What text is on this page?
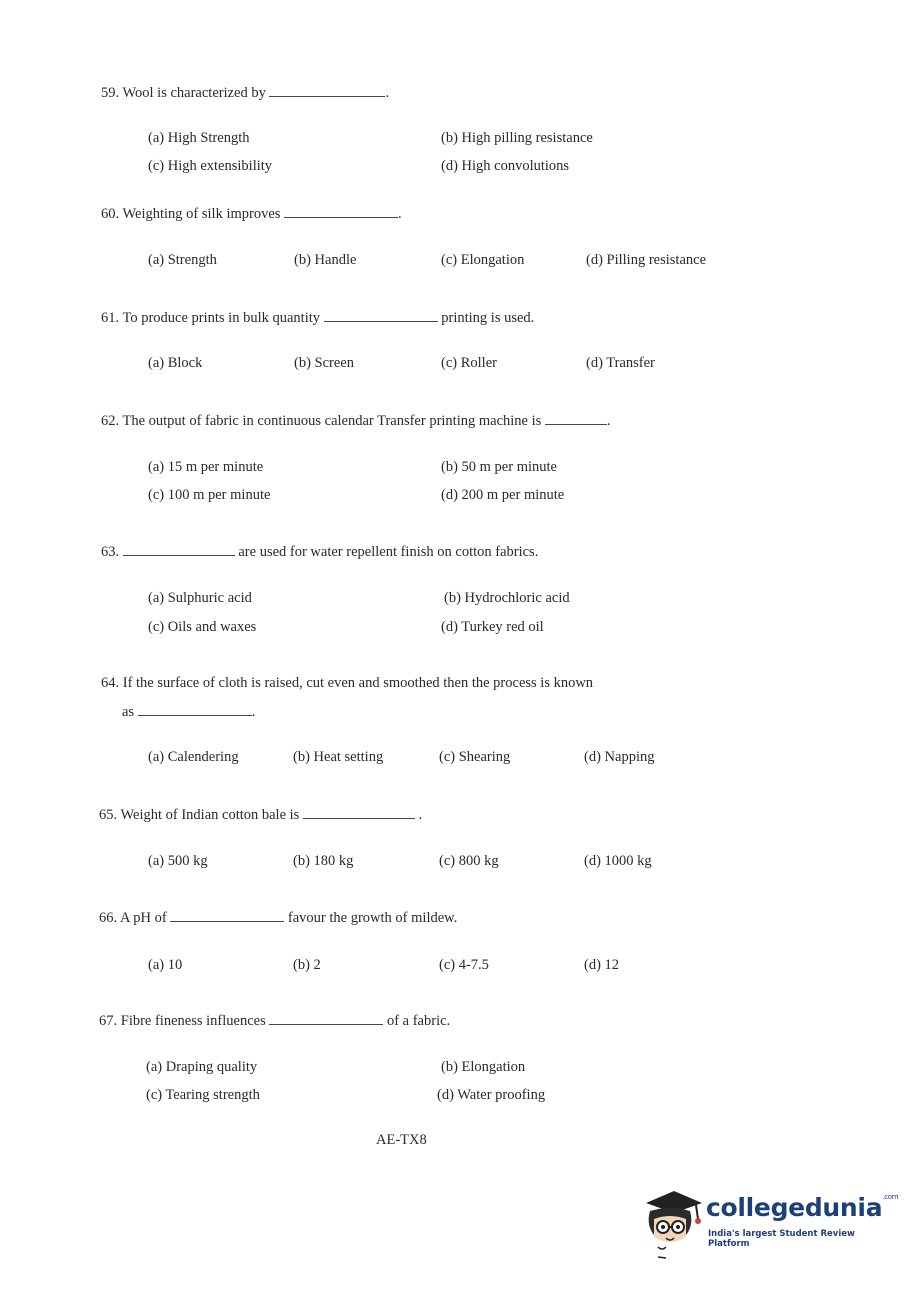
59. Wool is characterized by	.
(a) High Strength	(b) High pilling resistance
(c) High extensibility	(d) High convolutions
60. Weighting of silk improves	.
(a) Strength	(b) Handle	(c) Elongation	(d) Pilling resistance
61. To produce prints in bulk quantity	printing is used.
(a) Block	(b) Screen	(c) Roller	(d) Transfer
62. The output of fabric in continuous calendar Transfer printing machine is	.
(a) 15 m per minute	(b) 50 m per minute
(c) 100 m per minute	(d) 200 m per minute
63.	are used for water repellent finish on cotton fabrics.
(a) Sulphuric acid	(b) Hydrochloric acid
(c) Oils and waxes	(d) Turkey red oil
64. If the surface of cloth is raised, cut even and smoothed then the process is known
as	.
(a) Calendering	(b) Heat setting	(c) Shearing	(d) Napping
65. Weight of Indian cotton bale is	.
(a) 500 kg	(b) 180 kg	(c) 800 kg	(d) 1000 kg
66. A pH of	favour the growth of mildew.
(a) 10	(b) 2	(c) 4-7.5	(d) 12
67. Fibre fineness influences	of a fabric.
(a) Draping quality	(b) Elongation
(c) Tearing strength	(d) Water proofing
AE-TX8
collegedunia$^{.com}$
India's largest Student Review Platform
